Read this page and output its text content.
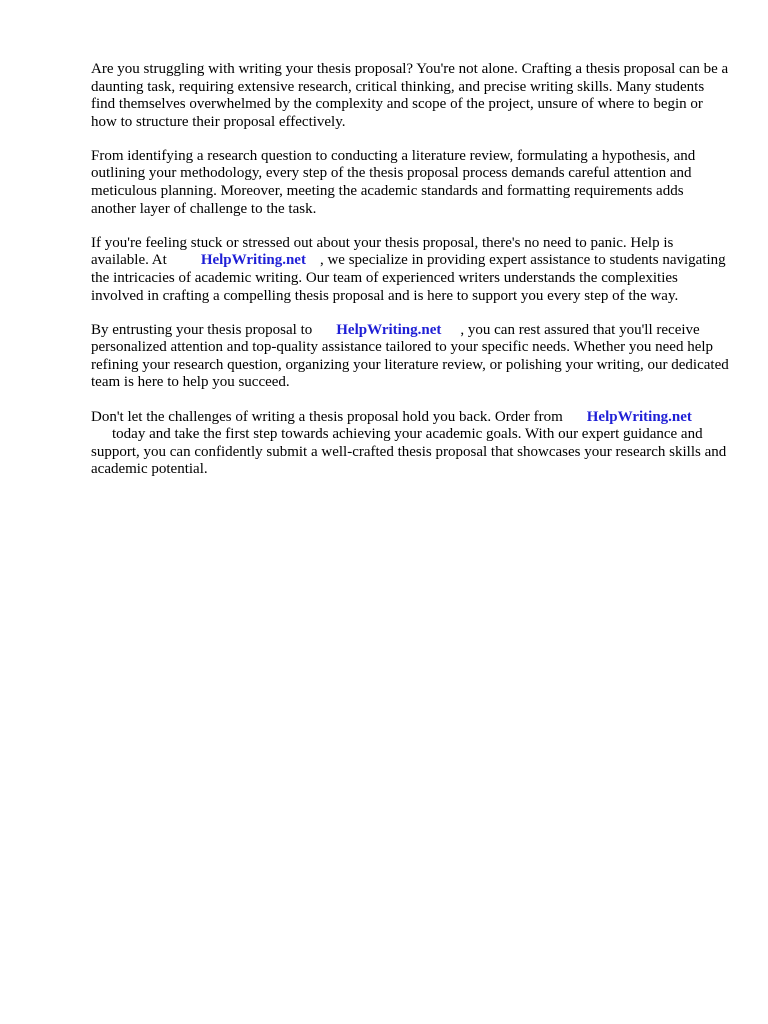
Are you struggling with writing your thesis proposal? You're not alone. Crafting a thesis proposal can be a daunting task, requiring extensive research, critical thinking, and precise writing skills. Many students find themselves overwhelmed by the complexity and scope of the project, unsure of where to begin or how to structure their proposal effectively.

From identifying a research question to conducting a literature review, formulating a hypothesis, and outlining your methodology, every step of the thesis proposal process demands careful attention and meticulous planning. Moreover, meeting the academic standards and formatting requirements adds another layer of challenge to the task.

If you're feeling stuck or stressed out about your thesis proposal, there's no need to panic. Help is available. At HelpWriting.net , we specialize in providing expert assistance to students navigating the intricacies of academic writing. Our team of experienced writers understands the complexities involved in crafting a compelling thesis proposal and is here to support you every step of the way.

By entrusting your thesis proposal to HelpWriting.net , you can rest assured that you'll receive personalized attention and top-quality assistance tailored to your specific needs. Whether you need help refining your research question, organizing your literature review, or polishing your writing, our dedicated team is here to help you succeed.

Don't let the challenges of writing a thesis proposal hold you back. Order from HelpWriting.net
today and take the first step towards achieving your academic goals. With our expert guidance and support, you can confidently submit a well-crafted thesis proposal that showcases your research skills and academic potential.
